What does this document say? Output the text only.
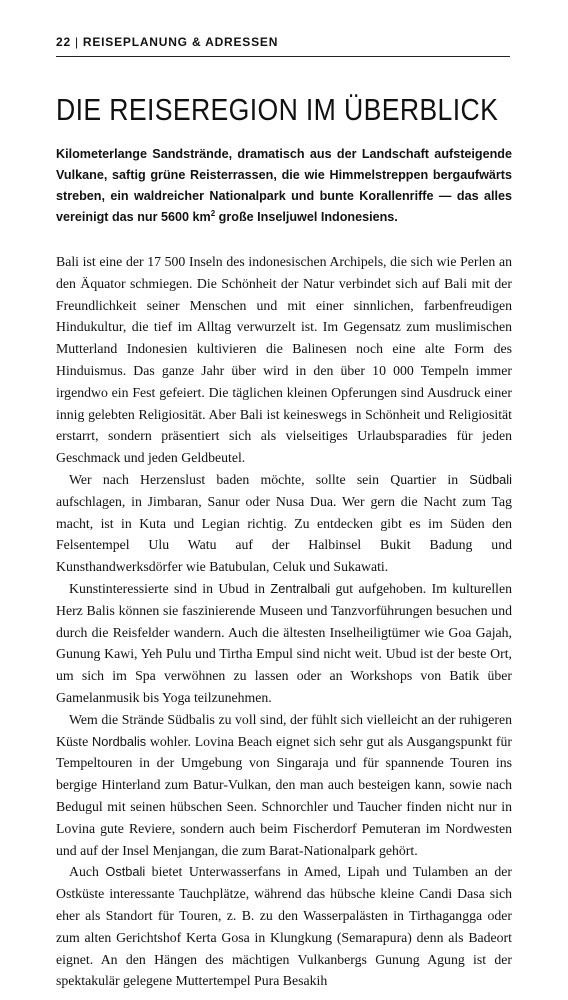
22 | REISEPLANUNG & ADRESSEN
DIE REISEREGION IM ÜBERBLICK

Kilometerlange Sandstrände, dramatisch aus der Landschaft aufsteigende Vulkane, saftig grüne Reisterrassen, die wie Himmelstreppen bergaufwärts streben, ein waldreicher Nationalpark und bunte Korallenriffe — das alles vereinigt das nur 5600 $km^2$ große Inseljuwel Indonesiens.

Bali ist eine der 17 500 Inseln des indonesischen Archipels, die sich wie Perlen an den Äquator schmiegen. Die Schönheit der Natur verbindet sich auf Bali mit der Freundlichkeit seiner Menschen und mit einer sinnlichen, farbenfreudigen Hindukultur, die tief im Alltag verwurzelt ist. Im Gegensatz zum muslimischen Mutterland Indonesien kultivieren die Balinesen noch eine alte Form des Hinduismus. Das ganze Jahr über wird in den über 10 000 Tempeln immer irgendwo ein Fest gefeiert. Die täglichen kleinen Opferungen sind Ausdruck einer innig gelebten Religiosität. Aber Bali ist keineswegs in Schönheit und Religiosität erstarrt, sondern präsentiert sich als vielseitiges Urlaubsparadies für jeden Geschmack und jeden Geldbeutel.

Wer nach Herzenslust baden möchte, sollte sein Quartier in Südbali aufschlagen, in Jimbaran, Sanur oder Nusa Dua. Wer gern die Nacht zum Tag macht, ist in Kuta und Legian richtig. Zu entdecken gibt es im Süden den Felsentempel Ulu Watu auf der Halbinsel Bukit Badung und Kunsthandwerksdörfer wie Batubulan, Celuk und Sukawati.

Kunstinteressierte sind in Ubud in Zentralbali gut aufgehoben. Im kulturellen Herz Balis können sie faszinierende Museen und Tanzvorführungen besuchen und durch die Reisfelder wandern. Auch die ältesten Inselheiligtümer wie Goa Gajah, Gunung Kawi, Yeh Pulu und Tirtha Empul sind nicht weit. Ubud ist der beste Ort, um sich im Spa verwöhnen zu lassen oder an Workshops von Batik über Gamelanmusik bis Yoga teilzunehmen.

Wem die Strände Südbalis zu voll sind, der fühlt sich vielleicht an der ruhigeren Küste Nordbalis wohler. Lovina Beach eignet sich sehr gut als Ausgangspunkt für Tempeltouren in der Umgebung von Singaraja und für spannende Touren ins bergige Hinterland zum Batur-Vulkan, den man auch besteigen kann, sowie nach Bedugul mit seinen hübschen Seen. Schnorchler und Taucher finden nicht nur in Lovina gute Reviere, sondern auch beim Fischerdorf Pemuteran im Nordwesten und auf der Insel Menjangan, die zum Barat-Nationalpark gehört.

Auch Ostbali bietet Unterwasserfans in Amed, Lipah und Tulamben an der Ostküste interessante Tauchplätze, während das hübsche kleine Candi Dasa sich eher als Standort für Touren, z. B. zu den Wasserpalästen in Tirthagangga oder zum alten Gerichtshof Kerta Gosa in Klungkung (Semarapura) denn als Badeort eignet. An den Hängen des mächtigen Vulkanbergs Gunung Agung ist der spektakulär gelegene Muttertempel Pura Besakih
